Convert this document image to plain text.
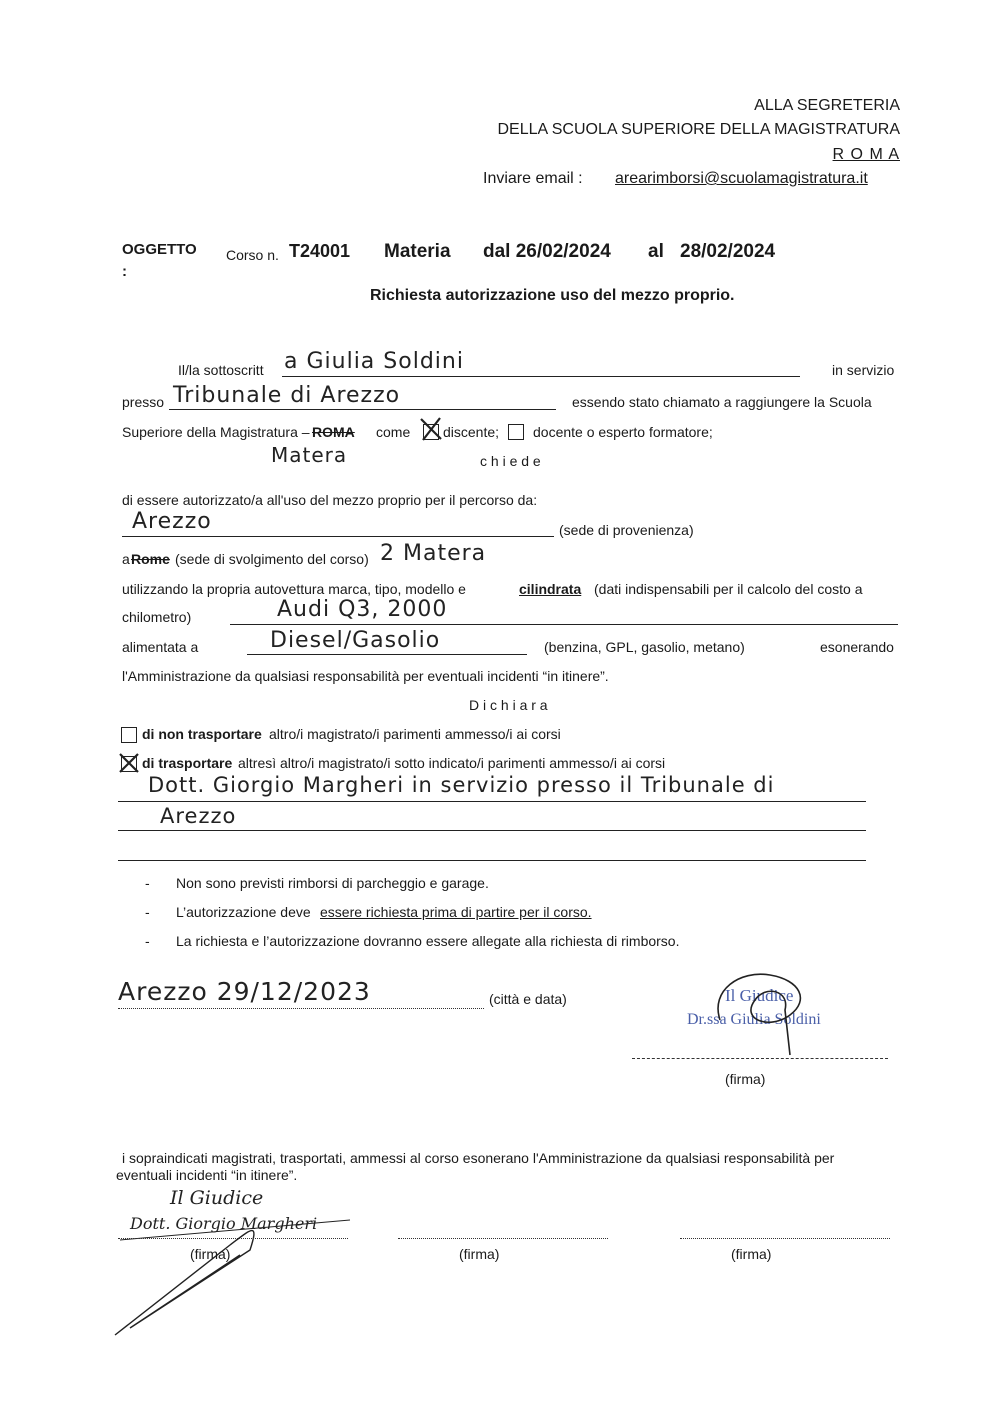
ALLA SEGRETERIA
DELLA SCUOLA SUPERIORE DELLA MAGISTRATURA
R O M A
Inviare email : arearimborsi@scuolamagistratura.it
OGGETTO
:
Corso n. T24001 Materia dal 26/02/2024 al 28/02/2024
Richiesta autorizzazione uso del mezzo proprio.
Il/la sottoscritt a Giulia Soldini	in servizio
presso Tribunale di Arezzo	essendo stato chiamato a raggiungere la Scuola
Superiore della Magistratura – ROMA come discente; docente o esperto formatore;
Matera	c h i e d e
di essere autorizzato/a all'uso del mezzo proprio per il percorso da:
Arezzo	(sede di provenienza)
a Rome (sede di svolgimento del corso) 2 Matera
utilizzando la propria autovettura marca, tipo, modello e	cilindrata (dati indispensabili per il calcolo del costo a
chilometro)	Audi Q3, 2000
alimentata a	Diesel/Gasolio	(benzina, GPL, gasolio, metano)	esonerando
l'Amministrazione da qualsiasi responsabilità per eventuali incidenti “in itinere”.
D i c h i a r a
di non trasportare altro/i magistrato/i parimenti ammesso/i ai corsi
di trasportare altresì altro/i magistrato/i sotto indicato/i parimenti ammesso/i ai corsi
Dott. Giorgio Margheri in servizio presso il Tribunale di
Arezzo
- Non sono previsti rimborsi di parcheggio e garage.
- L’autorizzazione deve essere richiesta prima di partire per il corso.
- La richiesta e l’autorizzazione dovranno essere allegate alla richiesta di rimborso.
Arezzo 29/12/2023	(città e data)	Il Giudice
Dr.ssa Giulia Soldini
(firma)
i sopraindicati magistrati, trasportati, ammessi al corso esonerano l'Amministrazione da qualsiasi responsabilità per
eventuali incidenti “in itinere”.
Il Giudice
Dott. Giorgio Margheri
(firma)	(firma)	(firma)
